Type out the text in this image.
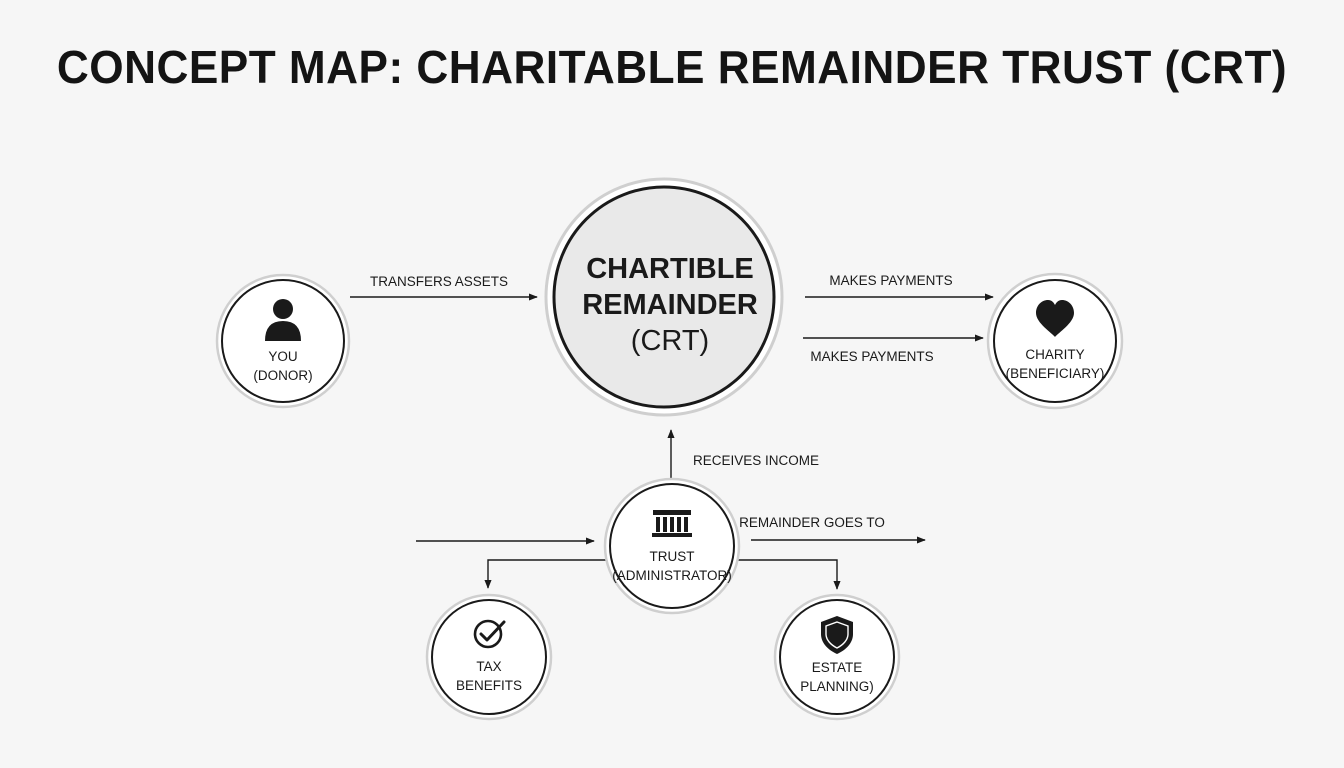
CONCEPT MAP: CHARITABLE REMAINDER TRUST (CRT)
TRANSFERS ASSETS	MAKES PAYMENTS
MAKES PAYMENTS
RECEIVES INCOME
REMAINDER GOES TO
CHARTIBLE
REMAINDER
(CRT)
YOU
(DONOR)
CHARITY
(BENEFICIARY)
TRUST
(ADMINISTRATOR)
TAX
BENEFITS
ESTATE
PLANNING)
